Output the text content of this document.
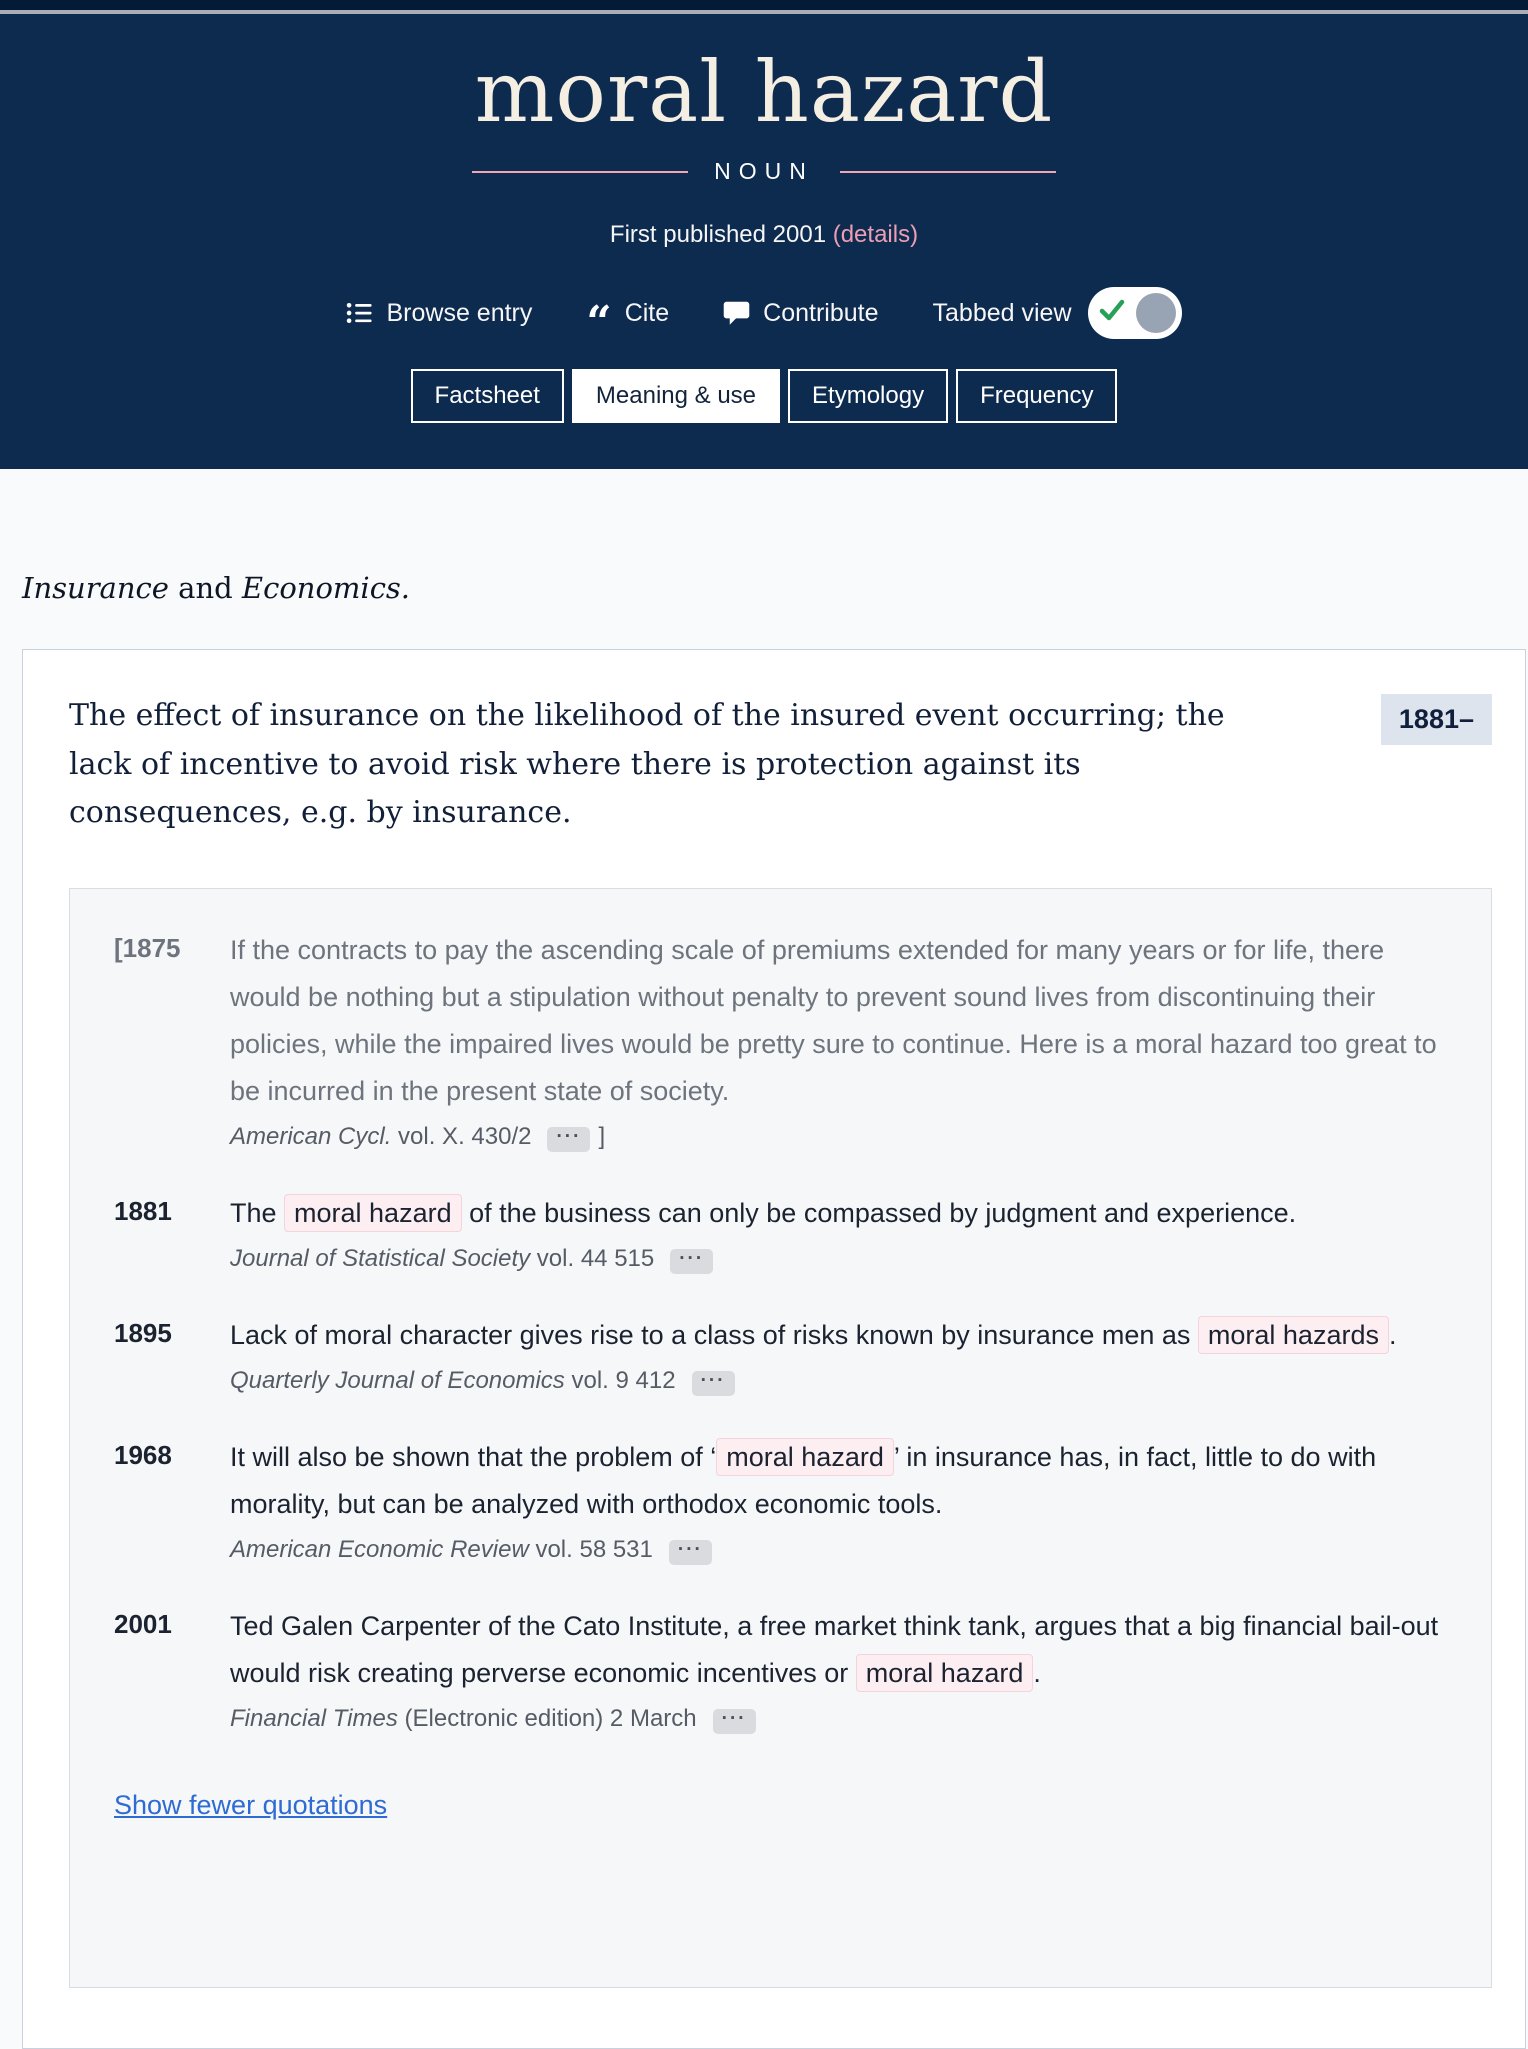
moral hazard
NOUN
First published 2001 (details)
Browse entry “ Cite	Contribute Tabbed view
Factsheet	Meaning & use	Etymology	Frequency

Insurance and Economics.

The effect of insurance on the likelihood of the insured event occurring; the lack of incentive to avoid risk where there is protection against its consequences, e.g. by insurance.

1881–
[1875	If the contracts to pay the ascending scale of premiums extended for many years or for life, there would be nothing but a stipulation without penalty to prevent sound lives from discontinuing their policies, while the impaired lives would be pretty sure to continue. Here is a moral hazard too great to be incurred in the present state of society.

American Cycl. vol. X. 430/2 ··· ]

1881	The moral hazard of the business can only be compassed by judgment and experience.

Journal of Statistical Society vol. 44 515 ···

1895	Lack of moral character gives rise to a class of risks known by insurance men as moral hazards .

Quarterly Journal of Economics vol. 9 412 ···

1968	It will also be shown that the problem of ‘ moral hazard ’ in insurance has, in fact, little to do with morality, but can be analyzed with orthodox economic tools.

American Economic Review vol. 58 531 ···

2001	Ted Galen Carpenter of the Cato Institute, a free market think tank, argues that a big financial bail-out would risk creating perverse economic incentives or moral hazard .

Financial Times (Electronic edition) 2 March ···

Show fewer quotations
